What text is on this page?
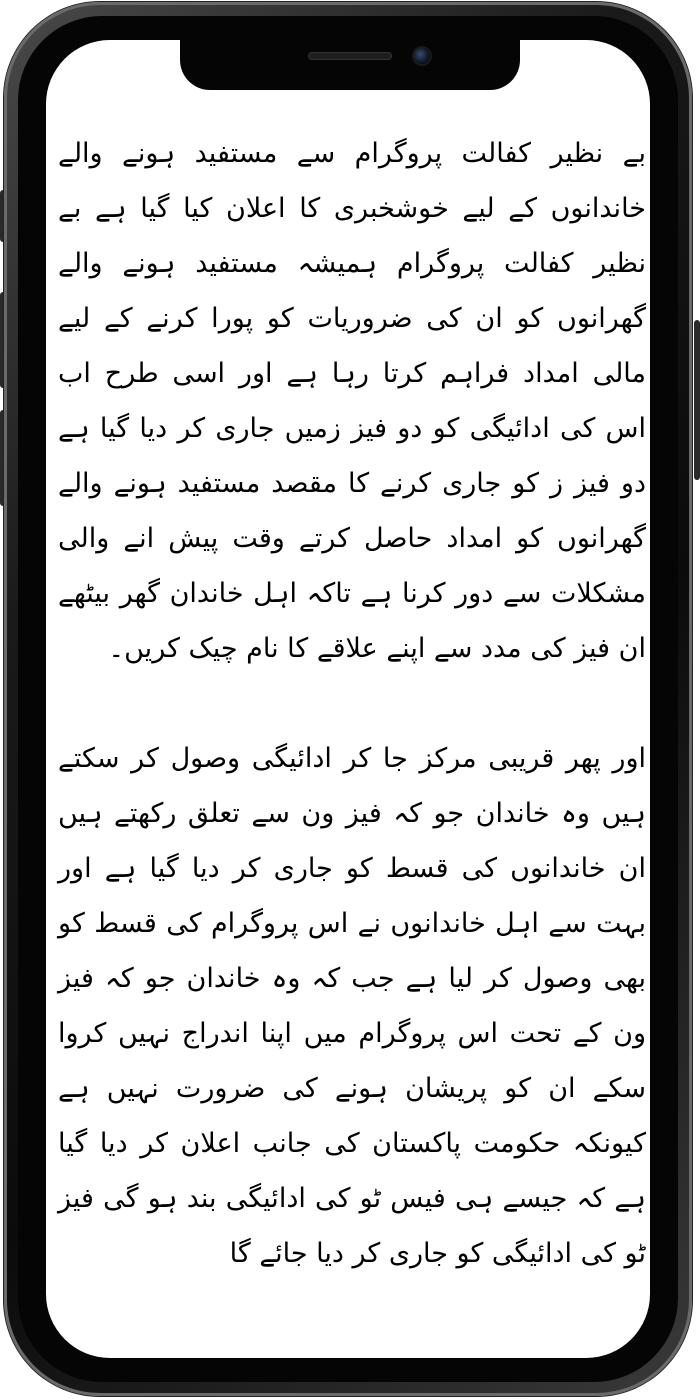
بے نظیر کفالت پروگرام سے مستفید ہونے والے خاندانوں کے لیے خوشخبری کا اعلان کیا گیا ہے بے نظیر کفالت پروگرام ہمیشہ مستفید ہونے والے گھرانوں کو ان کی ضروریات کو پورا کرنے کے لیے مالی امداد فراہم کرتا رہا ہے اور اسی طرح اب اس کی ادائیگی کو دو فیز زمیں جاری کر دیا گیا ہے دو فیز ز کو جاری کرنے کا مقصد مستفید ہونے والے گھرانوں کو امداد حاصل کرتے وقت پیش انے والی مشکلات سے دور کرنا ہے تاکہ اہل خاندان گھر بیٹھے ان فیز کی مدد سے اپنے علاقے کا نام چیک کریں۔

اور پھر قریبی مرکز جا کر ادائیگی وصول کر سکتے ہیں وہ خاندان جو کہ فیز ون سے تعلق رکھتے ہیں ان خاندانوں کی قسط کو جاری کر دیا گیا ہے اور بہت سے اہل خاندانوں نے اس پروگرام کی قسط کو بھی وصول کر لیا ہے جب کہ وہ خاندان جو کہ فیز ون کے تحت اس پروگرام میں اپنا اندراج نہیں کروا سکے ان کو پریشان ہونے کی ضرورت نہیں ہے کیونکہ حکومت پاکستان کی جانب اعلان کر دیا گیا ہے کہ جیسے ہی فیس ٹو کی ادائیگی بند ہو گی فیز ٹو کی ادائیگی کو جاری کر دیا جائے گا
